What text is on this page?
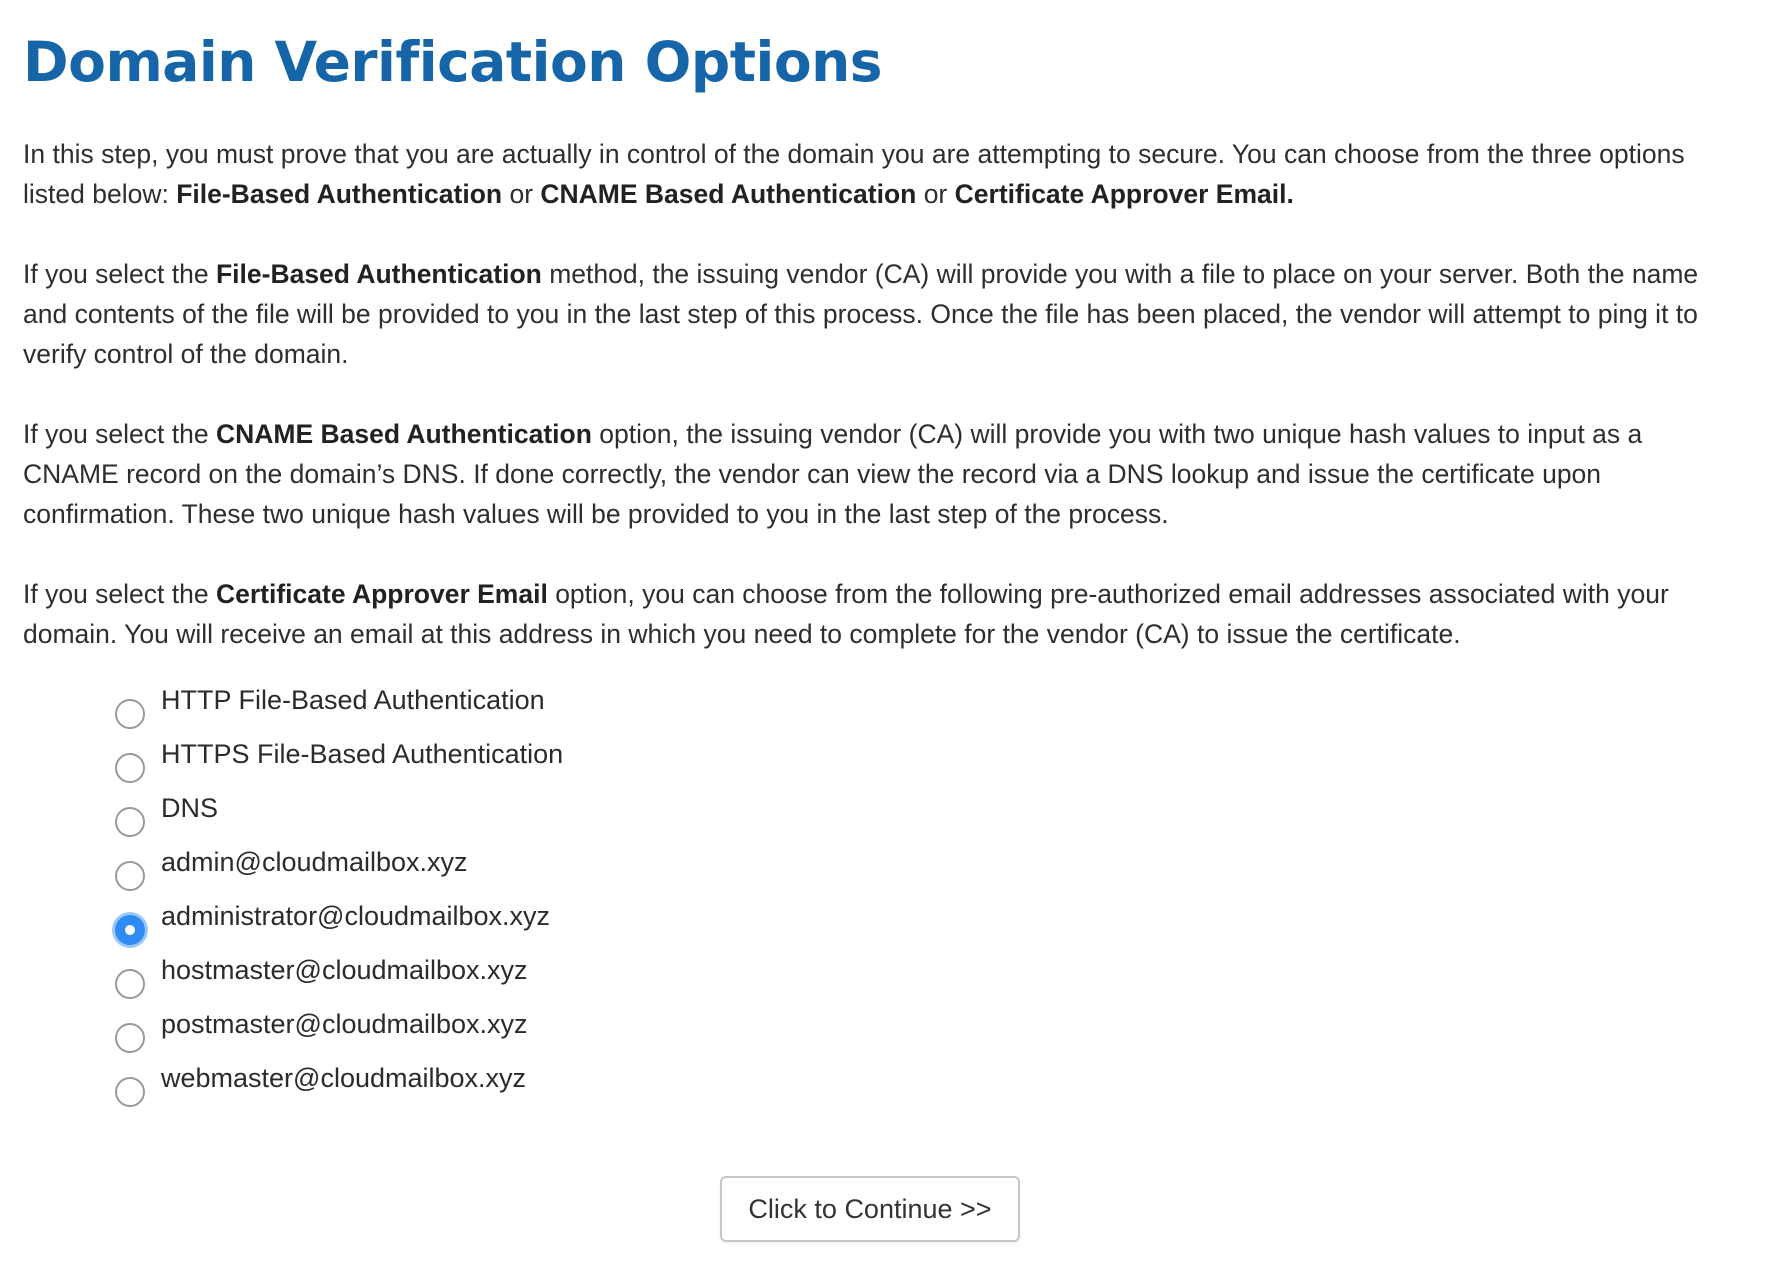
Domain Verification Options

In this step, you must prove that you are actually in control of the domain you are attempting to secure. You can choose from the three options listed below: File-Based Authentication or CNAME Based Authentication or Certificate Approver Email.

If you select the File-Based Authentication method, the issuing vendor (CA) will provide you with a file to place on your server. Both the name and contents of the file will be provided to you in the last step of this process. Once the file has been placed, the vendor will attempt to ping it to verify control of the domain.

If you select the CNAME Based Authentication option, the issuing vendor (CA) will provide you with two unique hash values to input as a CNAME record on the domain’s DNS. If done correctly, the vendor can view the record via a DNS lookup and issue the certificate upon confirmation. These two unique hash values will be provided to you in the last step of the process.

If you select the Certificate Approver Email option, you can choose from the following pre-authorized email addresses associated with your domain. You will receive an email at this address in which you need to complete for the vendor (CA) to issue the certificate.

HTTP File-Based Authentication
HTTPS File-Based Authentication
DNS
admin@cloudmailbox.xyz
administrator@cloudmailbox.xyz
hostmaster@cloudmailbox.xyz
postmaster@cloudmailbox.xyz
webmaster@cloudmailbox.xyz
Click to Continue >>
